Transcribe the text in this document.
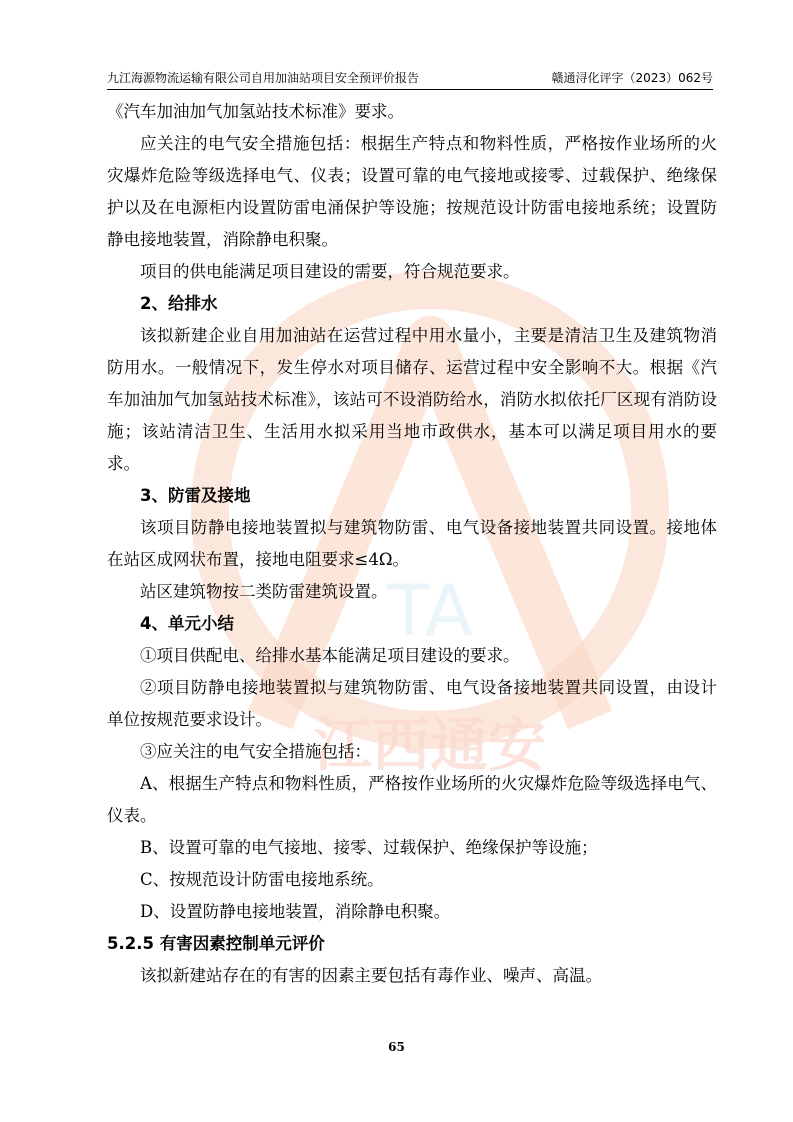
九江海源物流运输有限公司自用加油站项目安全预评价报告	赣通浔化评字（2023）062号
TA
江西通安

《汽车加油加气加氢站技术标准》要求。

应关注的电气安全措施包括：根据生产特点和物料性质，严格按作业场所的火灾爆炸危险等级选择电气、仪表；设置可靠的电气接地或接零、过载保护、绝缘保护以及在电源柜内设置防雷电涌保护等设施；按规范设计防雷电接地系统；设置防静电接地装置，消除静电积聚。

项目的供电能满足项目建设的需要，符合规范要求。

2、给排水

该拟新建企业自用加油站在运营过程中用水量小，主要是清洁卫生及建筑物消防用水。一般情况下，发生停水对项目储存、运营过程中安全影响不大。根据《汽车加油加气加氢站技术标准》，该站可不设消防给水，消防水拟依托厂区现有消防设施；该站清洁卫生、生活用水拟采用当地市政供水，基本可以满足项目用水的要求。

3、防雷及接地

该项目防静电接地装置拟与建筑物防雷、电气设备接地装置共同设置。接地体在站区成网状布置，接地电阻要求≤4Ω。

站区建筑物按二类防雷建筑设置。

4、单元小结

①项目供配电、给排水基本能满足项目建设的要求。

②项目防静电接地装置拟与建筑物防雷、电气设备接地装置共同设置，由设计单位按规范要求设计。

③应关注的电气安全措施包括：

A、根据生产特点和物料性质，严格按作业场所的火灾爆炸危险等级选择电气、仪表。

B、设置可靠的电气接地、接零、过载保护、绝缘保护等设施；

C、按规范设计防雷电接地系统。

D、设置防静电接地装置，消除静电积聚。

5.2.5 有害因素控制单元评价

该拟新建站存在的有害的因素主要包括有毒作业、噪声、高温。

65
